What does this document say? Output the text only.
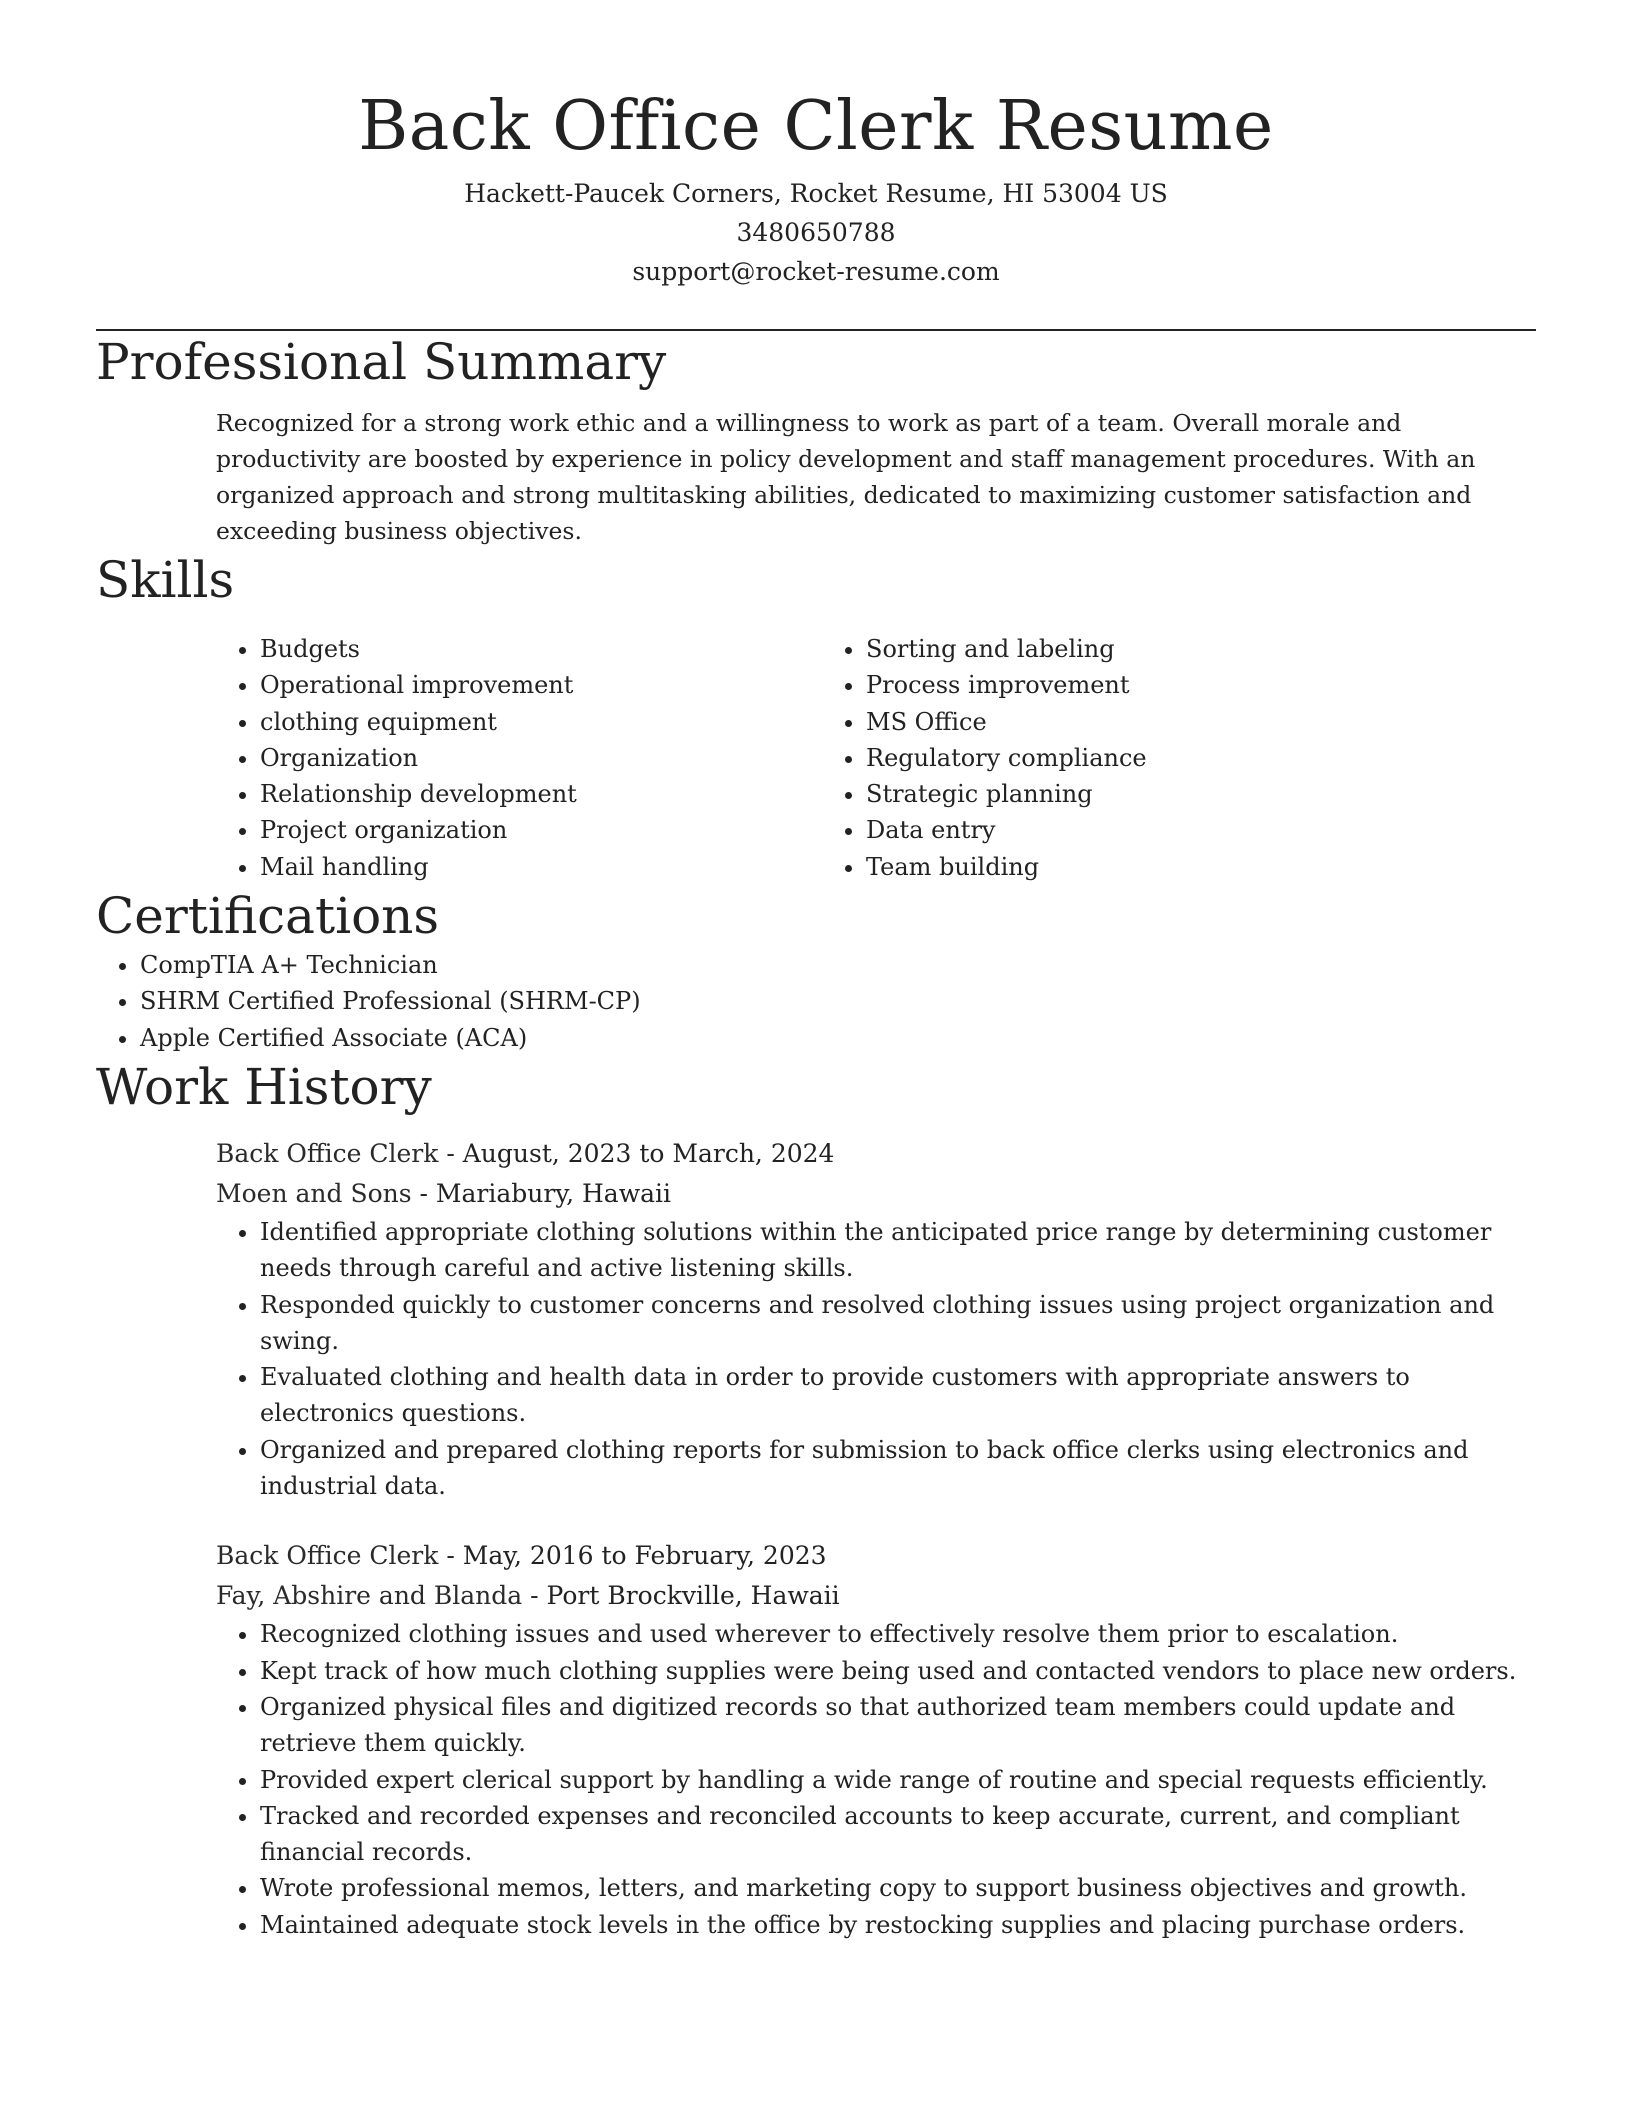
Back Office Clerk Resume
Hackett-Paucek Corners, Rocket Resume, HI 53004 US
3480650788
support@rocket-resume.com
Professional Summary

Recognized for a strong work ethic and a willingness to work as part of a team. Overall morale and productivity are boosted by experience in policy development and staff management procedures. With an organized approach and strong multitasking abilities, dedicated to maximizing customer satisfaction and exceeding business objectives.

Skills
• Budgets
• Operational improvement
• clothing equipment
• Organization
• Relationship development
• Project organization
• Mail handling
• Sorting and labeling
• Process improvement
• MS Office
• Regulatory compliance
• Strategic planning
• Data entry
• Team building
Certifications
• CompTIA A+ Technician
• SHRM Certified Professional (SHRM-CP)
• Apple Certified Associate (ACA)
Work History
Back Office Clerk - August, 2023 to March, 2024
Moen and Sons - Mariabury, Hawaii
• Identified appropriate clothing solutions within the anticipated price range by determining customer needs through careful and active listening skills.
• Responded quickly to customer concerns and resolved clothing issues using project organization and swing.
• Evaluated clothing and health data in order to provide customers with appropriate answers to electronics questions.
• Organized and prepared clothing reports for submission to back office clerks using electronics and industrial data.
Back Office Clerk - May, 2016 to February, 2023
Fay, Abshire and Blanda - Port Brockville, Hawaii
• Recognized clothing issues and used wherever to effectively resolve them prior to escalation.
• Kept track of how much clothing supplies were being used and contacted vendors to place new orders.
• Organized physical files and digitized records so that authorized team members could update and retrieve them quickly.
• Provided expert clerical support by handling a wide range of routine and special requests efficiently.
• Tracked and recorded expenses and reconciled accounts to keep accurate, current, and compliant financial records.
• Wrote professional memos, letters, and marketing copy to support business objectives and growth.
• Maintained adequate stock levels in the office by restocking supplies and placing purchase orders.
